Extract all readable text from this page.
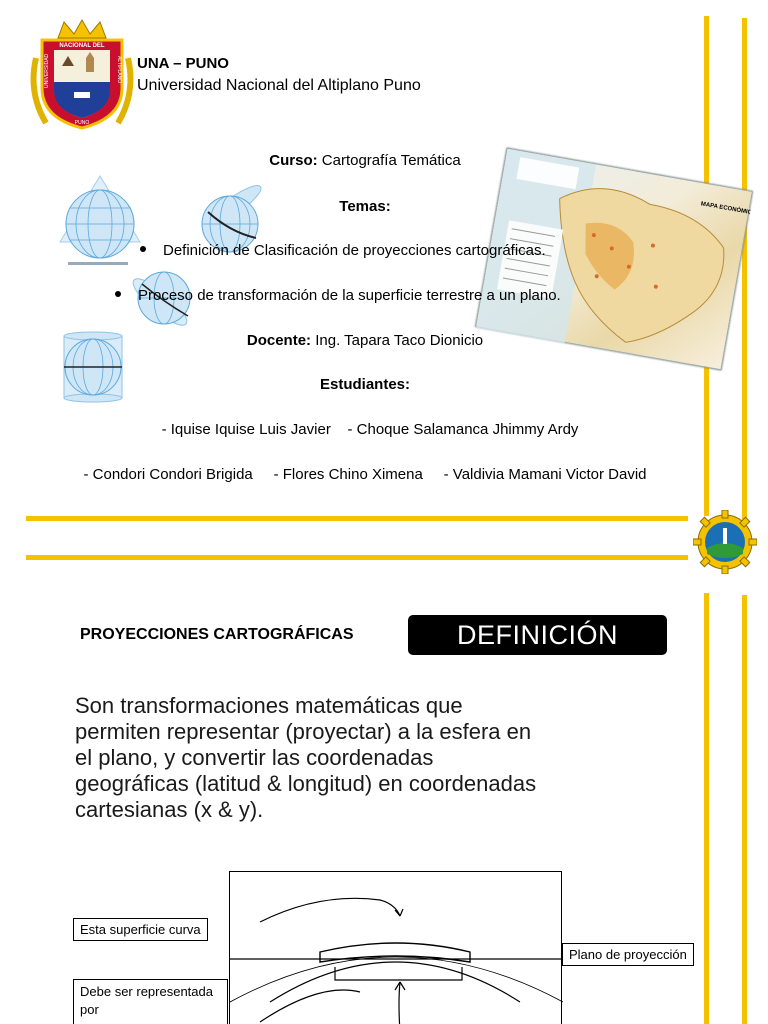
NACIONAL DEL
UNIVERSIDAD	ALTIPLANO
PUNO
UNA – PUNO
Universidad Nacional del Altiplano Puno
MAPA ECONÓMICO
Curso: Cartografía Temática
Temas:
Definición de Clasificación de proyecciones cartográficas.
Proceso de transformación de la superficie terrestre a un plano.
Docente: Ing. Tapara Taco Dionicio
Estudiantes:
- Iquise Iquise Luis Javier    - Choque Salamanca Jhimmy Ardy
- Condori Condori Brigida     - Flores Chino Ximena     - Valdivia Mamani Victor David
PROYECCIONES CARTOGRÁFICAS	DEFINICIÓN
Son transformaciones matemáticas que permiten representar (proyectar) a la esfera en el plano, y convertir las coordenadas geográficas (latitud & longitud) en coordenadas cartesianas (x & y).
Esta superficie curva
Plano de proyección
Debe ser representada por
